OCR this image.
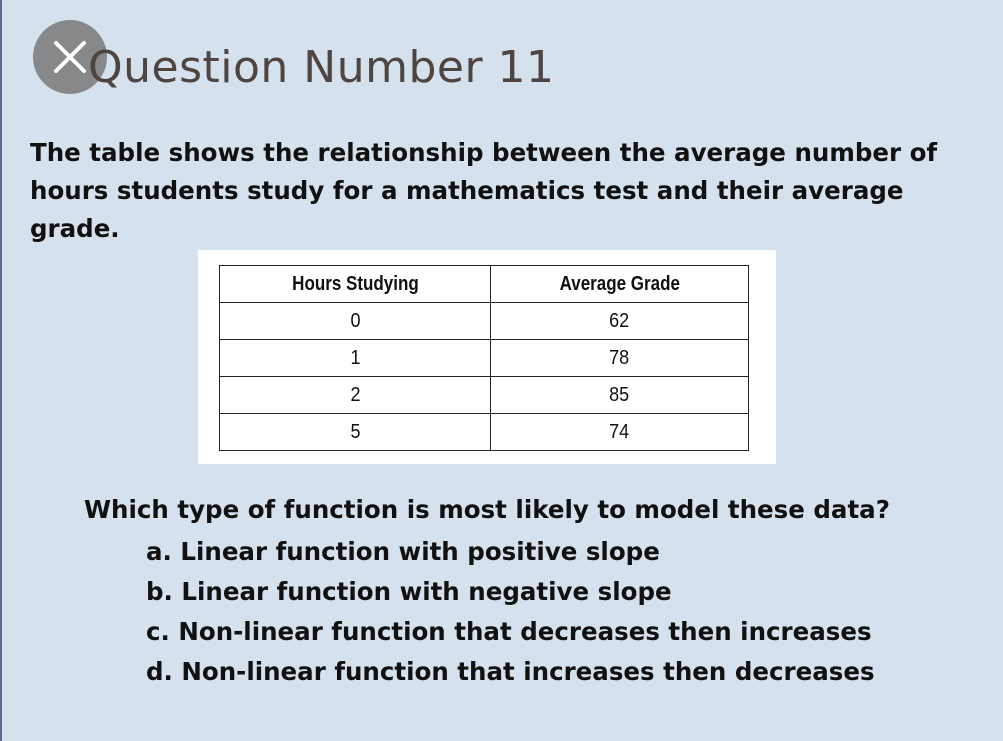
Question Number 11
The table shows the relationship between the average number of
hours students study for a mathematics test and their average grade.
Hours Studying	Average Grade
0	62
1	78
2	85
5	74
Which type of function is most likely to model these data?
a. Linear function with positive slope
b. Linear function with negative slope
c. Non-linear function that decreases then increases
d. Non-linear function that increases then decreases
